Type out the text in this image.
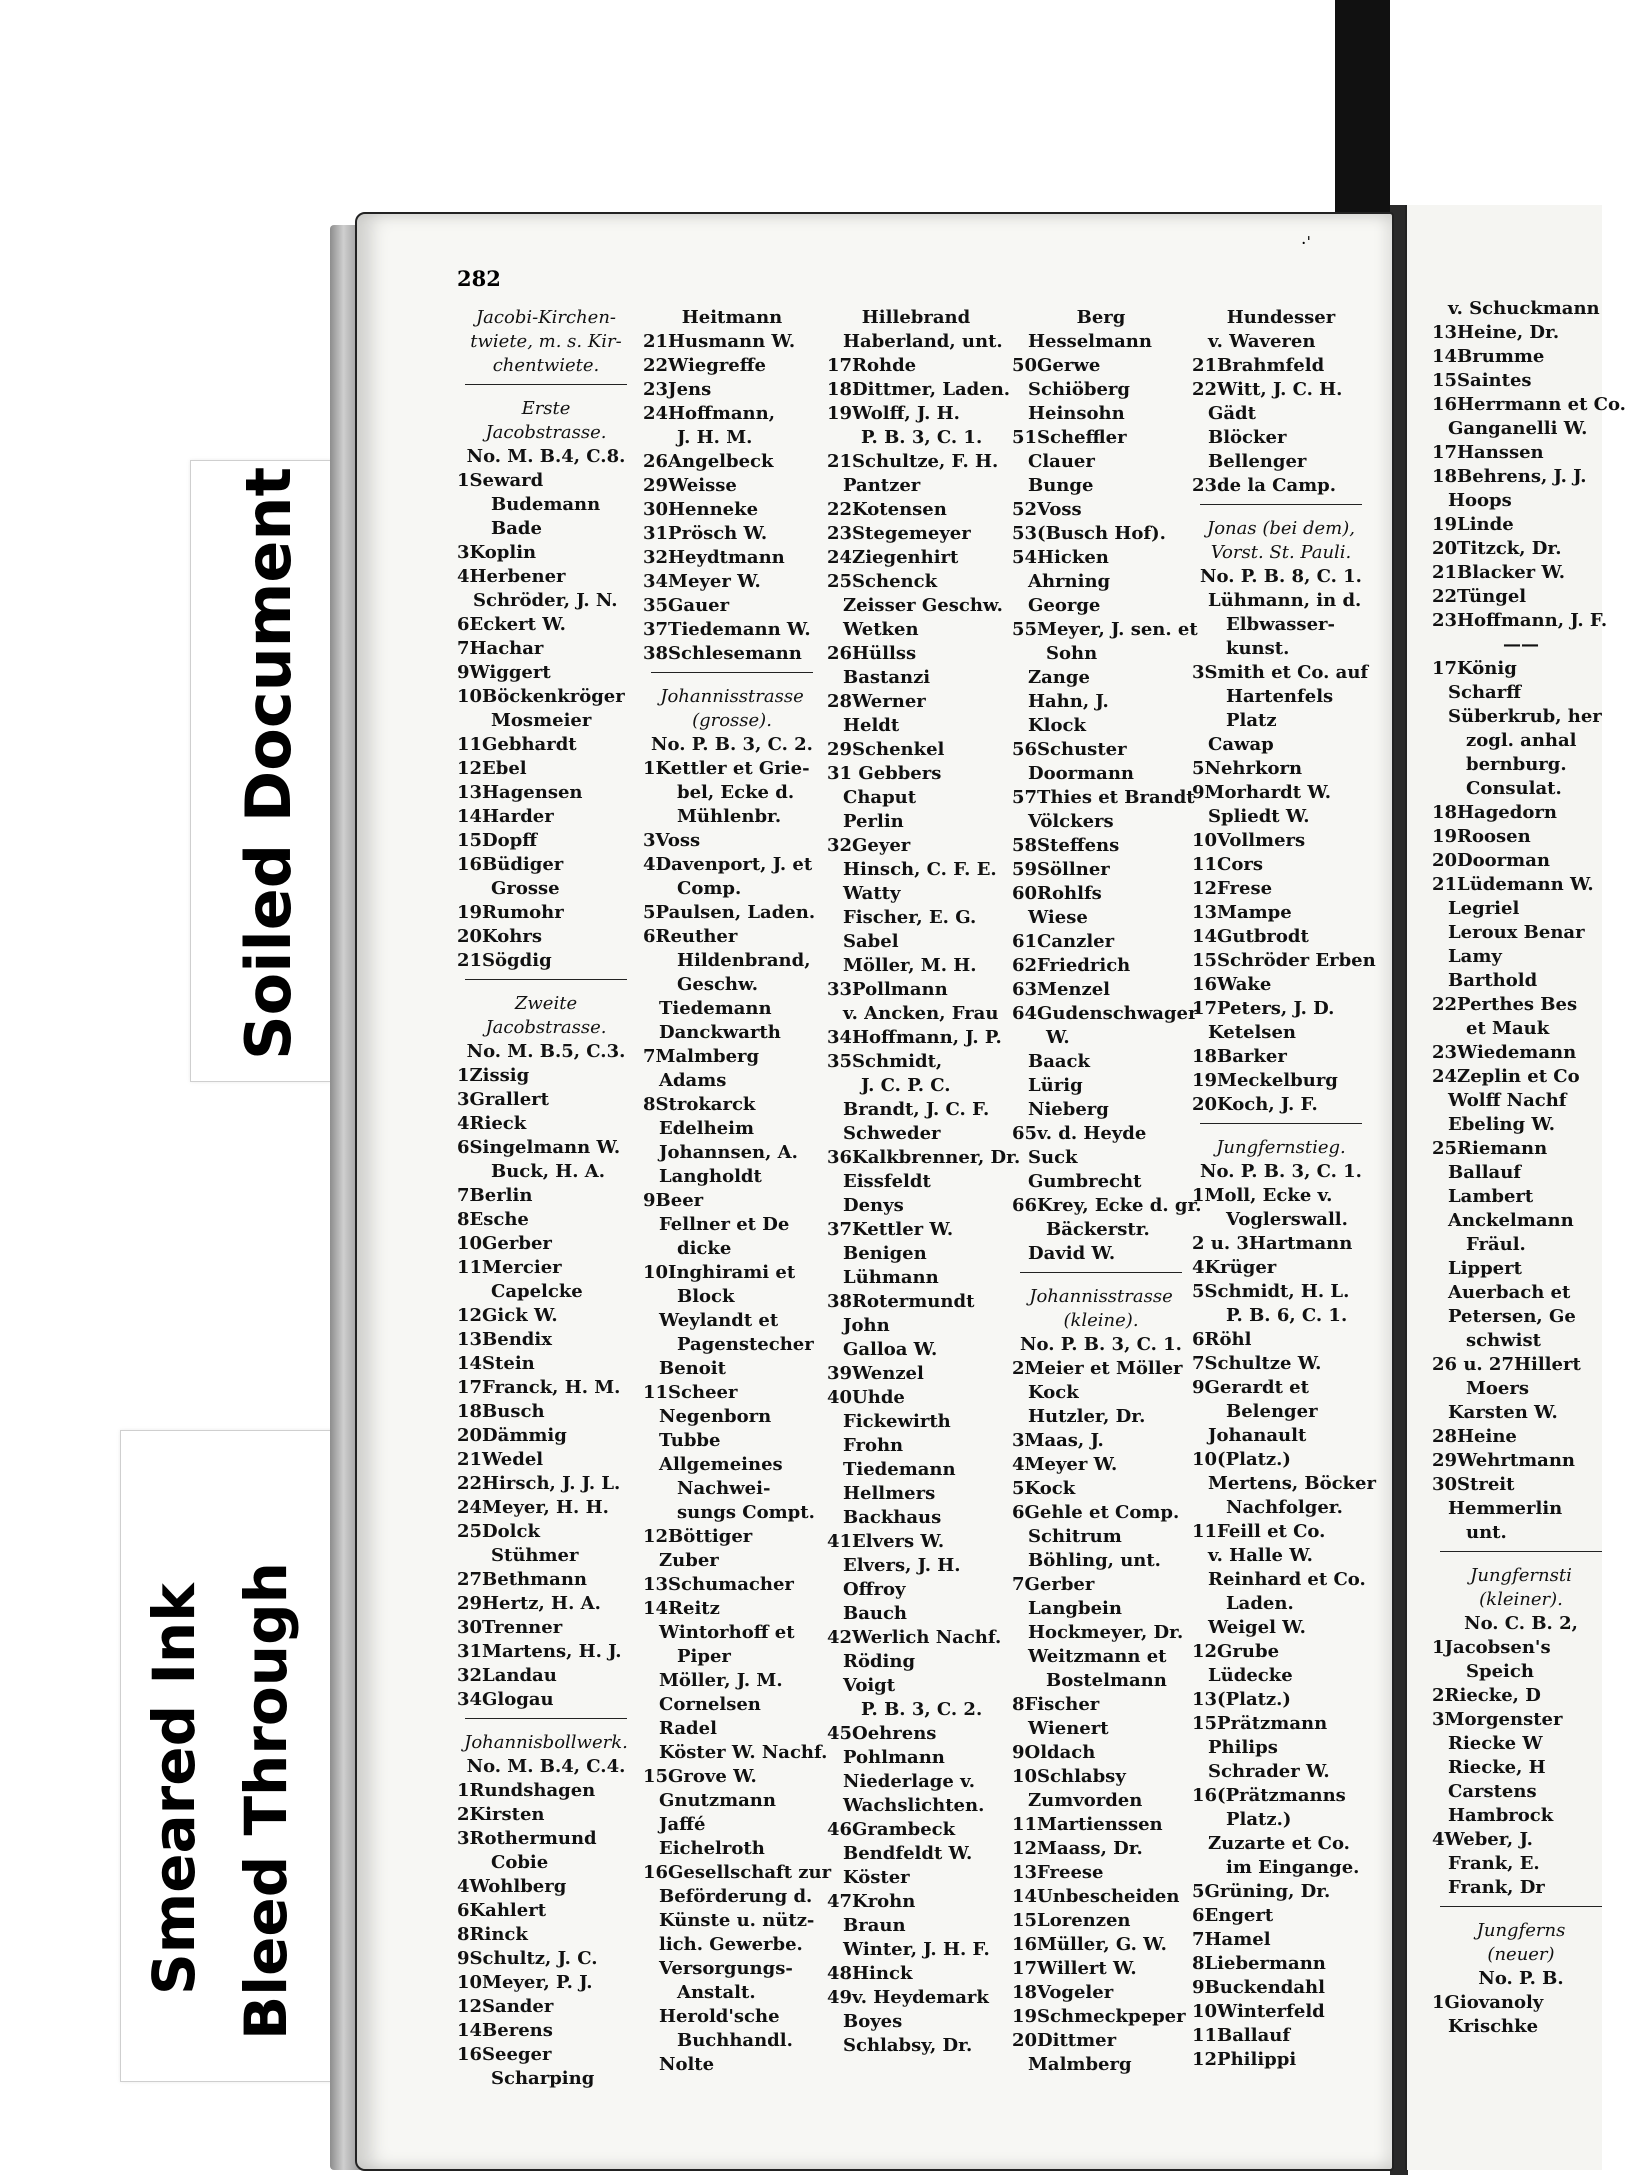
Soiled Document
Smeared Ink Bleed Through
282
·ˈ
Jacobi-Kirchen-
twiete, m. s. Kir-
chentwiete.
Erste
Jacobstrasse.
No. M. B.4, C.8.
1Seward
Budemann
Bade
3Koplin
4Herbener
Schröder, J. N.
6Eckert W.
7Hachar
9Wiggert
10Böckenkröger
Mosmeier
11Gebhardt
12Ebel
13Hagensen
14Harder
15Dopff
16Büdiger
Grosse
19Rumohr
20Kohrs
21Sögdig
Zweite
Jacobstrasse.
No. M. B.5, C.3.
1Zissig
3Grallert
4Rieck
6Singelmann W.
Buck, H. A.
7Berlin
8Esche
10Gerber
11Mercier
Capelcke
12Gick W.
13Bendix
14Stein
17Franck, H. M.
18Busch
20Dämmig
21Wedel
22Hirsch, J. J. L.
24Meyer, H. H.
25Dolck
Stühmer
27Bethmann
29Hertz, H. A.
30Trenner
31Martens, H. J.
32Landau
34Glogau
Johannisbollwerk.
No. M. B.4, C.4.
1Rundshagen
2Kirsten
3Rothermund
Cobie
4Wohlberg
6Kahlert
8Rinck
9Schultz, J. C.
10Meyer, P. J.
12Sander
14Berens
16Seeger
Scharping
Heitmann
21Husmann W.
22Wiegreffe
23Jens
24Hoffmann,
J. H. M.
26Angelbeck
29Weisse
30Henneke
31Prösch W.
32Heydtmann
34Meyer W.
35Gauer
37Tiedemann W.
38Schlesemann
Johannisstrasse
(grosse).
No. P. B. 3, C. 2.
1Kettler et Grie-
bel, Eckе d.
Mühlenbr.
3Voss
4Davenport, J. et
Comp.
5Paulsen, Laden.
6Reuther
Hildenbrand,
Geschw.
Tiedemann
Danckwarth
7Malmberg
Adams
8Strokarck
Edelheim
Johannsen, A.
Langholdt
9Beer
Fellner et De
dicke
10Inghirami et
Block
Weylandt et
Pagenstecher
Benoit
11Scheer
Negenborn
Tubbe
Allgemeines
Nachwei-
sungs Compt.
12Böttiger
Zuber
13Schumacher
14Reitz
Wintorhoff et
Piper
Möller, J. M.
Cornelsen
Radel
Köster W. Nachf.
15Grove W.
Gnutzmann
Jaffé
Eichelroth
16Gesellschaft zur
Beförderung d.
Künste u. nütz-
lich. Gewerbe.
Versorgungs-
Anstalt.
Herold'sche
Buchhandl.
Nolte
Hillebrand
Haberland, unt.
17Rohde
18Dittmer, Laden.
19Wolff, J. H.
P. B. 3, C. 1.
21Schultze, F. H.
Pantzer
22Kotensen
23Stegemeyer
24Ziegenhirt
25Schenck
Zeisser Geschw.
Wetken
26Hüllss
Bastanzi
28Werner
Heldt
29Schenkel
31 Gebbers
Chaput
Perlin
32Geyer
Hinsch, C. F. E.
Watty
Fischer, E. G.
Sabel
Möller, M. H.
33Pollmann
v. Ancken, Frau
34Hoffmann, J. P.
35Schmidt,
J. C. P. C.
Brandt, J. C. F.
Schweder
36Kalkbrenner, Dr.
Eissfeldt
Denys
37Kettler W.
Benigen
Lühmann
38Rotermundt
John
Galloa W.
39Wenzel
40Uhde
Fickewirth
Frohn
Tiedemann
Hellmers
Backhaus
41Elvers W.
Elvers, J. H.
Offroy
Bauch
42Werlich Nachf.
Röding
Voigt
P. B. 3, C. 2.
45Oehrens
Pohlmann
Niederlage v.
Wachslichten.
46Grambeck
Bendfeldt W.
Köster
47Krohn
Braun
Winter, J. H. F.
48Hinck
49v. Heydemark
Boyes
Schlabsy, Dr.
Berg
Hesselmann
50Gerwe
Schiöberg
Heinsohn
51Scheffler
Clauer
Bunge
52Voss
53(Busch Hof).
54Hicken
Ahrning
George
55Meyer, J. sen. et
Sohn
Zange
Hahn, J.
Klock
56Schuster
Doormann
57Thies et Brandt
Völckers
58Steffens
59Söllner
60Rohlfs
Wiese
61Canzler
62Friedrich
63Menzel
64Gudenschwager
W.
Baack
Lürig
Nieberg
65v. d. Heyde
Suck
Gumbrecht
66Krey, Ecke d. gr.
Bäckerstr.
David W.
Johannisstrasse
(kleine).
No. P. B. 3, C. 1.
2Meier et Möller
Kock
Hutzler, Dr.
3Maas, J.
4Meyer W.
5Kock
6Gehle et Comp.
Schitrum
Böhling, unt.
7Gerber
Langbein
Hockmeyer, Dr.
Weitzmann et
Bostelmann
8Fischer
Wienert
9Oldach
10Schlabsy
Zumvorden
11Martienssen
12Maass, Dr.
13Freese
14Unbescheiden
15Lorenzen
16Müller, G. W.
17Willert W.
18Vogeler
19Schmeckpeper
20Dittmer
Malmberg
Hundesser
v. Waveren
21Brahmfeld
22Witt, J. C. H.
Gädt
Blöcker
Bellenger
23de la Camp.
Jonas (bei dem),
Vorst. St. Pauli.
No. P. B. 8, C. 1.
Lühmann, in d.
Elbwasser-
kunst.
3Smith et Co. auf
Hartenfels
Platz
Cawap
5Nehrkorn
9Morhardt W.
Spliedt W.
10Vollmers
11Cors
12Frese
13Mampe
14Gutbrodt
15Schröder Erben
16Wake
17Peters, J. D.
Ketelsen
18Barker
19Meckelburg
20Koch, J. F.
Jungfernstieg.
No. P. B. 3, C. 1.
1Moll, Ecke v.
Voglerswall.
2 u. 3Hartmann
4Krüger
5Schmidt, H. L.
P. B. 6, C. 1.
6Röhl
7Schultze W.
9Gerardt et
Belenger
Johanault
10(Platz.)
Mertens, Böcker
Nachfolger.
11Feill et Co.
v. Halle W.
Reinhard et Co.
Laden.
Weigel W.
12Grube
Lüdecke
13(Platz.)
15Prätzmann
Philips
Schrader W.
16(Prätzmanns
Platz.)
Zuzarte et Co.
im Eingange.
5Grüning, Dr.
6Engert
7Hamel
8Liebermann
9Buckendahl
10Winterfeld
11Ballauf
12Philippi
v. Schuckmann
13Heine, Dr.
14Brumme
15Saintes
16Herrmann et Co.
Ganganelli W.
17Hanssen
18Behrens, J. J.
Hoops
19Linde
20Titzck, Dr.
21Blacker W.
22Tüngel
23Hoffmann, J. F.
——
17König
Scharff
Süberkrub, her
zogl. anhal
bernburg.
Consulat.
18Hagedorn
19Roosen
20Doorman
21Lüdemann W.
Legriel
Leroux Benar
Lamy
Barthold
22Perthes Bes
et Mauk
23Wiedemann
24Zeplin et Co
Wolff Nachf
Ebeling W.
25Riemann
Ballauf
Lambert
Anckelmann
Fräul.
Lippert
Auerbach et
Petersen, Ge
schwist
26 u. 27Hillert
Moers
Karsten W.
28Heine
29Wehrtmann
30Streit
Hemmerlin
unt.
Jungfernsti
(kleiner).
No. C. B. 2,
1Jacobsen's
Speich
2Riecke, D
3Morgenster
Riecke W
Riecke, H
Carstens
Hambrock
4Weber, J.
Frank, E.
Frank, Dr
Jungferns
(neuer)
No. P. B.
1Giovanoly
Krischke
